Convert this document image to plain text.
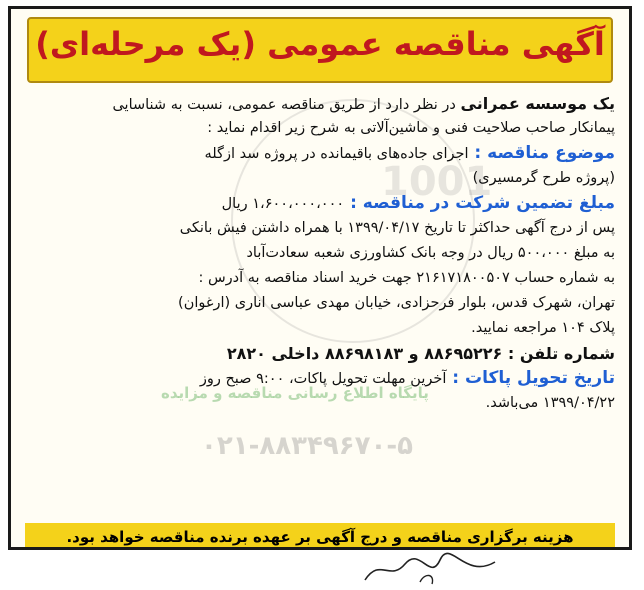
1001
پایگاه اطلاع رسانی مناقصه و مزایده
۰۲۱-۸۸۳۴۹۶۷۰-۵
آگهی مناقصه عمومی (یک مرحله‌ای)
یک موسسه عمرانی در نظر دارد از طریق مناقصه عمومی، نسبت به شناسایی
پیمانکار صاحب صلاحیت فنی و ماشین‌آلاتی به شرح زیر اقدام نماید :
موضوع مناقصه : اجرای جاده‌های باقیمانده در پروژه سد ازگله
(پروژه طرح گرمسیری)
مبلغ تضمین شرکت در مناقصه : ۱،۶۰۰،۰۰۰،۰۰۰ ریال
پس از درج آگهی حداکثر تا تاریخ ۱۳۹۹/۰۴/۱۷ با همراه داشتن فیش بانکی
به مبلغ ۵۰۰،۰۰۰ ریال در وجه بانک کشاورزی شعبه سعادت‌آباد
به شماره حساب ۲۱۶۱۷۱۸۰۰۵۰۷ جهت خرید اسناد مناقصه به آدرس :
تهران، شهرک قدس، بلوار فرحزادی، خیابان مهدی عباسی اناری (ارغوان)
پلاک ۱۰۴ مراجعه نمایید.
شماره تلفن : ۸۸۶۹۵۲۲۶ و ۸۸۶۹۸۱۸۳ داخلی ۲۸۲۰
تاریخ تحویل پاکات : آخرین مهلت تحویل پاکات، ۹:۰۰ صبح روز
۱۳۹۹/۰۴/۲۲ می‌باشد.
هزینه برگزاری مناقصه و درج آگهی بر عهده برنده مناقصه خواهد بود.
